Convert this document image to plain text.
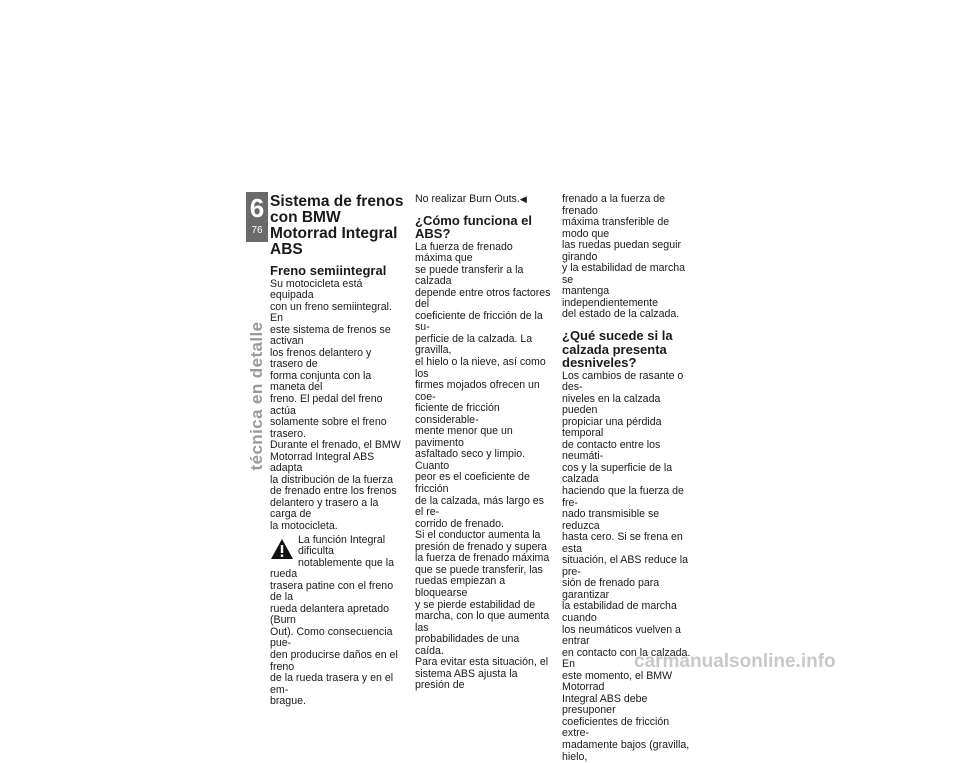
6
76
técnica en detalle
Sistema de frenos con BMW Motorrad Integral ABS
Freno semiintegral

Su motocicleta está equipada
con un freno semiintegral. En
este sistema de frenos se activan
los frenos delantero y trasero de
forma conjunta con la maneta del
freno. El pedal del freno actúa
solamente sobre el freno trasero.
Durante el frenado, el BMW
Motorrad Integral ABS adapta
la distribución de la fuerza
de frenado entre los frenos
delantero y trasero a la carga de
la motocicleta.

La función Integral dificulta
notablemente que la rueda
trasera patine con el freno de la
rueda delantera apretado (Burn
Out). Como consecuencia pue-
den producirse daños en el freno
de la rueda trasera y en el em-
brague.

No realizar Burn Outs.◀

¿Cómo funciona el ABS?

La fuerza de frenado máxima que
se puede transferir a la calzada
depende entre otros factores del
coeficiente de fricción de la su-
perficie de la calzada. La gravilla,
el hielo o la nieve, así como los
firmes mojados ofrecen un coe-
ficiente de fricción considerable-
mente menor que un pavimento
asfaltado seco y limpio. Cuanto
peor es el coeficiente de fricción
de la calzada, más largo es el re-
corrido de frenado.
Si el conductor aumenta la
presión de frenado y supera
la fuerza de frenado máxima
que se puede transferir, las
ruedas empiezan a bloquearse
y se pierde estabilidad de
marcha, con lo que aumenta las
probabilidades de una caída.
Para evitar esta situación, el
sistema ABS ajusta la presión de

frenado a la fuerza de frenado
máxima transferible de modo que
las ruedas puedan seguir girando
y la estabilidad de marcha se
mantenga independientemente
del estado de la calzada.

¿Qué sucede si la calzada presenta desniveles?

Los cambios de rasante o des-
niveles en la calzada pueden
propiciar una pérdida temporal
de contacto entre los neumáti-
cos y la superficie de la calzada
haciendo que la fuerza de fre-
nado transmisible se reduzca
hasta cero. Si se frena en esta
situación, el ABS reduce la pre-
sión de frenado para garantizar
la estabilidad de marcha cuando
los neumáticos vuelven a entrar
en contacto con la calzada. En
este momento, el BMW Motorrad
Integral ABS debe presuponer
coeficientes de fricción extre-
madamente bajos (gravilla, hielo,

carmanualsonline.info
